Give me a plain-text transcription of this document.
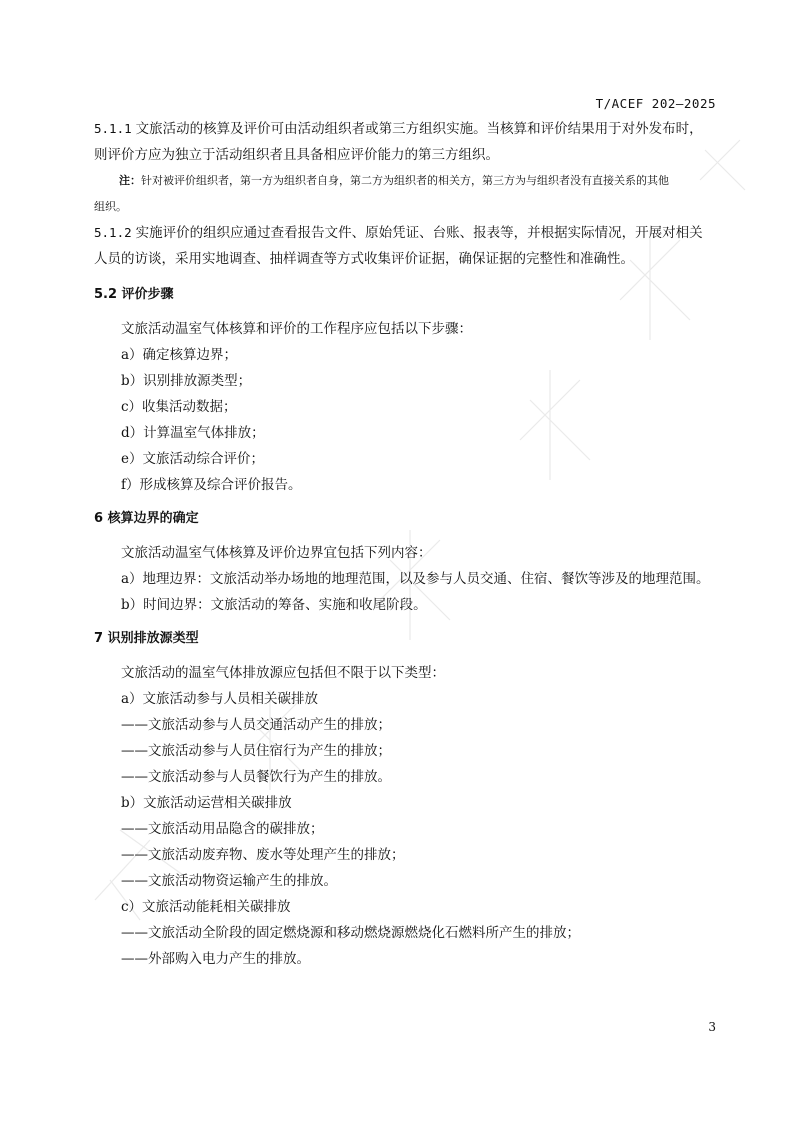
T/ACEF 202—2025

5.1.1 文旅活动的核算及评价可由活动组织者或第三方组织实施。当核算和评价结果用于对外发布时，
则评价方应为独立于活动组织者且具备相应评价能力的第三方组织。

注：针对被评价组织者，第一方为组织者自身，第二方为组织者的相关方，第三方为与组织者没有直接关系的其他

组织。

5.1.2 实施评价的组织应通过查看报告文件、原始凭证、台账、报表等，并根据实际情况，开展对相关
人员的访谈，采用实地调查、抽样调查等方式收集评价证据，确保证据的完整性和准确性。

5.2 评价步骤

文旅活动温室气体核算和评价的工作程序应包括以下步骤：

a）确定核算边界；

b）识别排放源类型；

c）收集活动数据；

d）计算温室气体排放；

e）文旅活动综合评价；

f）形成核算及综合评价报告。

6 核算边界的确定

文旅活动温室气体核算及评价边界宜包括下列内容：

a）地理边界：文旅活动举办场地的地理范围，以及参与人员交通、住宿、餐饮等涉及的地理范围。

b）时间边界：文旅活动的筹备、实施和收尾阶段。

7 识别排放源类型

文旅活动的温室气体排放源应包括但不限于以下类型：

a）文旅活动参与人员相关碳排放

——文旅活动参与人员交通活动产生的排放；

——文旅活动参与人员住宿行为产生的排放；

——文旅活动参与人员餐饮行为产生的排放。

b）文旅活动运营相关碳排放

——文旅活动用品隐含的碳排放；

——文旅活动废弃物、废水等处理产生的排放；

——文旅活动物资运输产生的排放。

c）文旅活动能耗相关碳排放

——文旅活动全阶段的固定燃烧源和移动燃烧源燃烧化石燃料所产生的排放；

——外部购入电力产生的排放。

3
